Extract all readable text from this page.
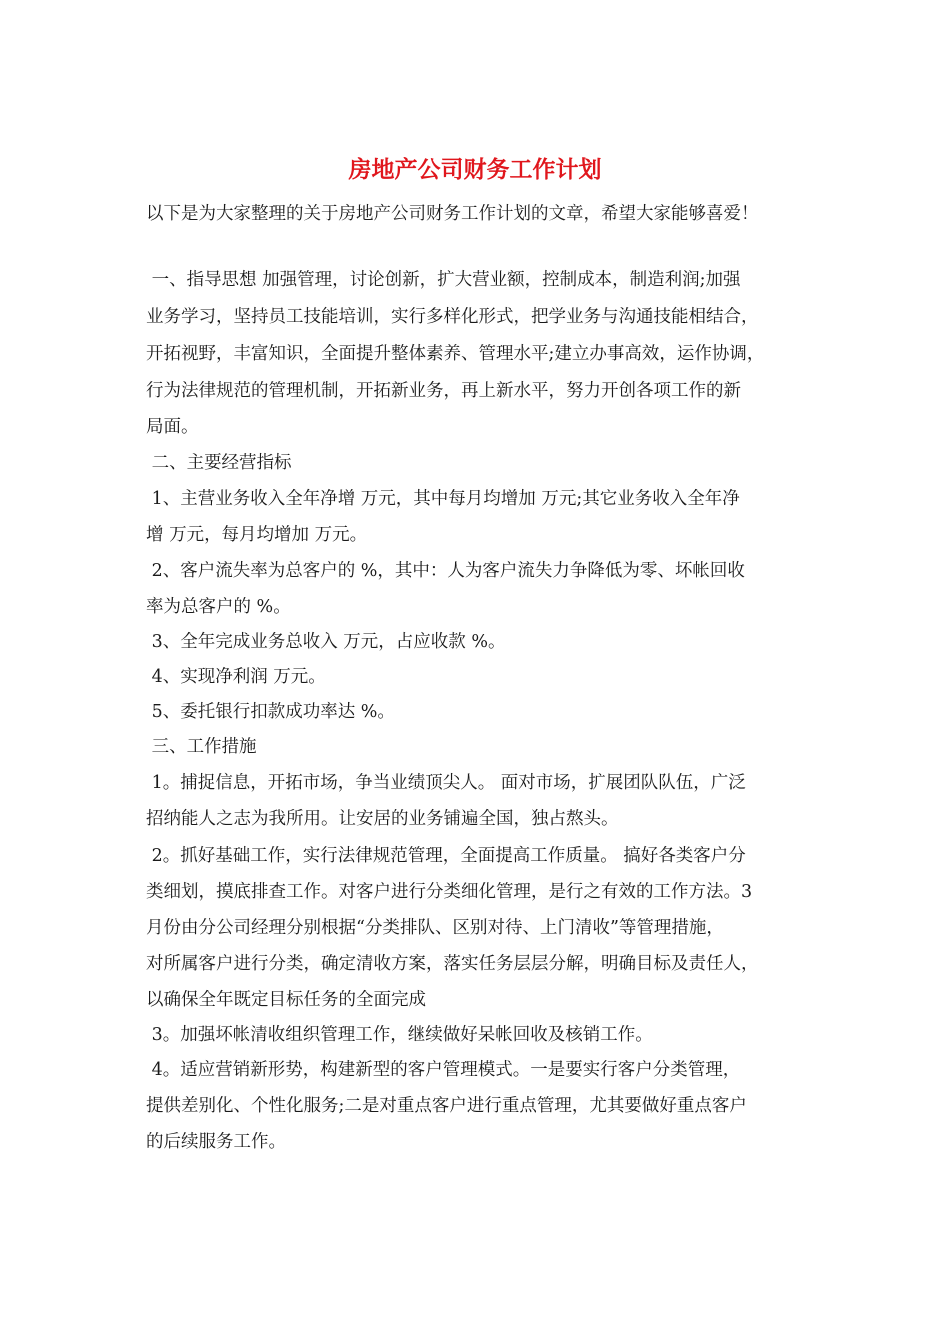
房地产公司财务工作计划

以下是为大家整理的关于房地产公司财务工作计划的文章，希望大家能够喜爱！

一、指导思想 加强管理，讨论创新，扩大营业额，控制成本，制造利润;加强

业务学习，坚持员工技能培训，实行多样化形式，把学业务与沟通技能相结合，

开拓视野，丰富知识，全面提升整体素养、管理水平;建立办事高效，运作协调，

行为法律规范的管理机制，开拓新业务，再上新水平，努力开创各项工作的新

局面。

二、主要经营指标

1、主营业务收入全年净增 万元，其中每月均增加 万元;其它业务收入全年净

增 万元，每月均增加 万元。

2、客户流失率为总客户的 %，其中：人为客户流失力争降低为零、坏帐回收

率为总客户的 %。

3、全年完成业务总收入 万元，占应收款 %。

4、实现净利润 万元。

5、委托银行扣款成功率达 %。

三、工作措施

1。捕捉信息，开拓市场，争当业绩顶尖人。 面对市场，扩展团队队伍，广泛

招纳能人之志为我所用。让安居的业务铺遍全国，独占熬头。

2。抓好基础工作，实行法律规范管理，全面提高工作质量。 搞好各类客户分

类细划，摸底排查工作。对客户进行分类细化管理，是行之有效的工作方法。3

月份由分公司经理分别根据“分类排队、区别对待、上门清收”等管理措施，

对所属客户进行分类，确定清收方案，落实任务层层分解，明确目标及责任人，

以确保全年既定目标任务的全面完成

3。加强坏帐清收组织管理工作，继续做好呆帐回收及核销工作。

4。适应营销新形势，构建新型的客户管理模式。一是要实行客户分类管理，

提供差别化、个性化服务;二是对重点客户进行重点管理，尤其要做好重点客户

的后续服务工作。
